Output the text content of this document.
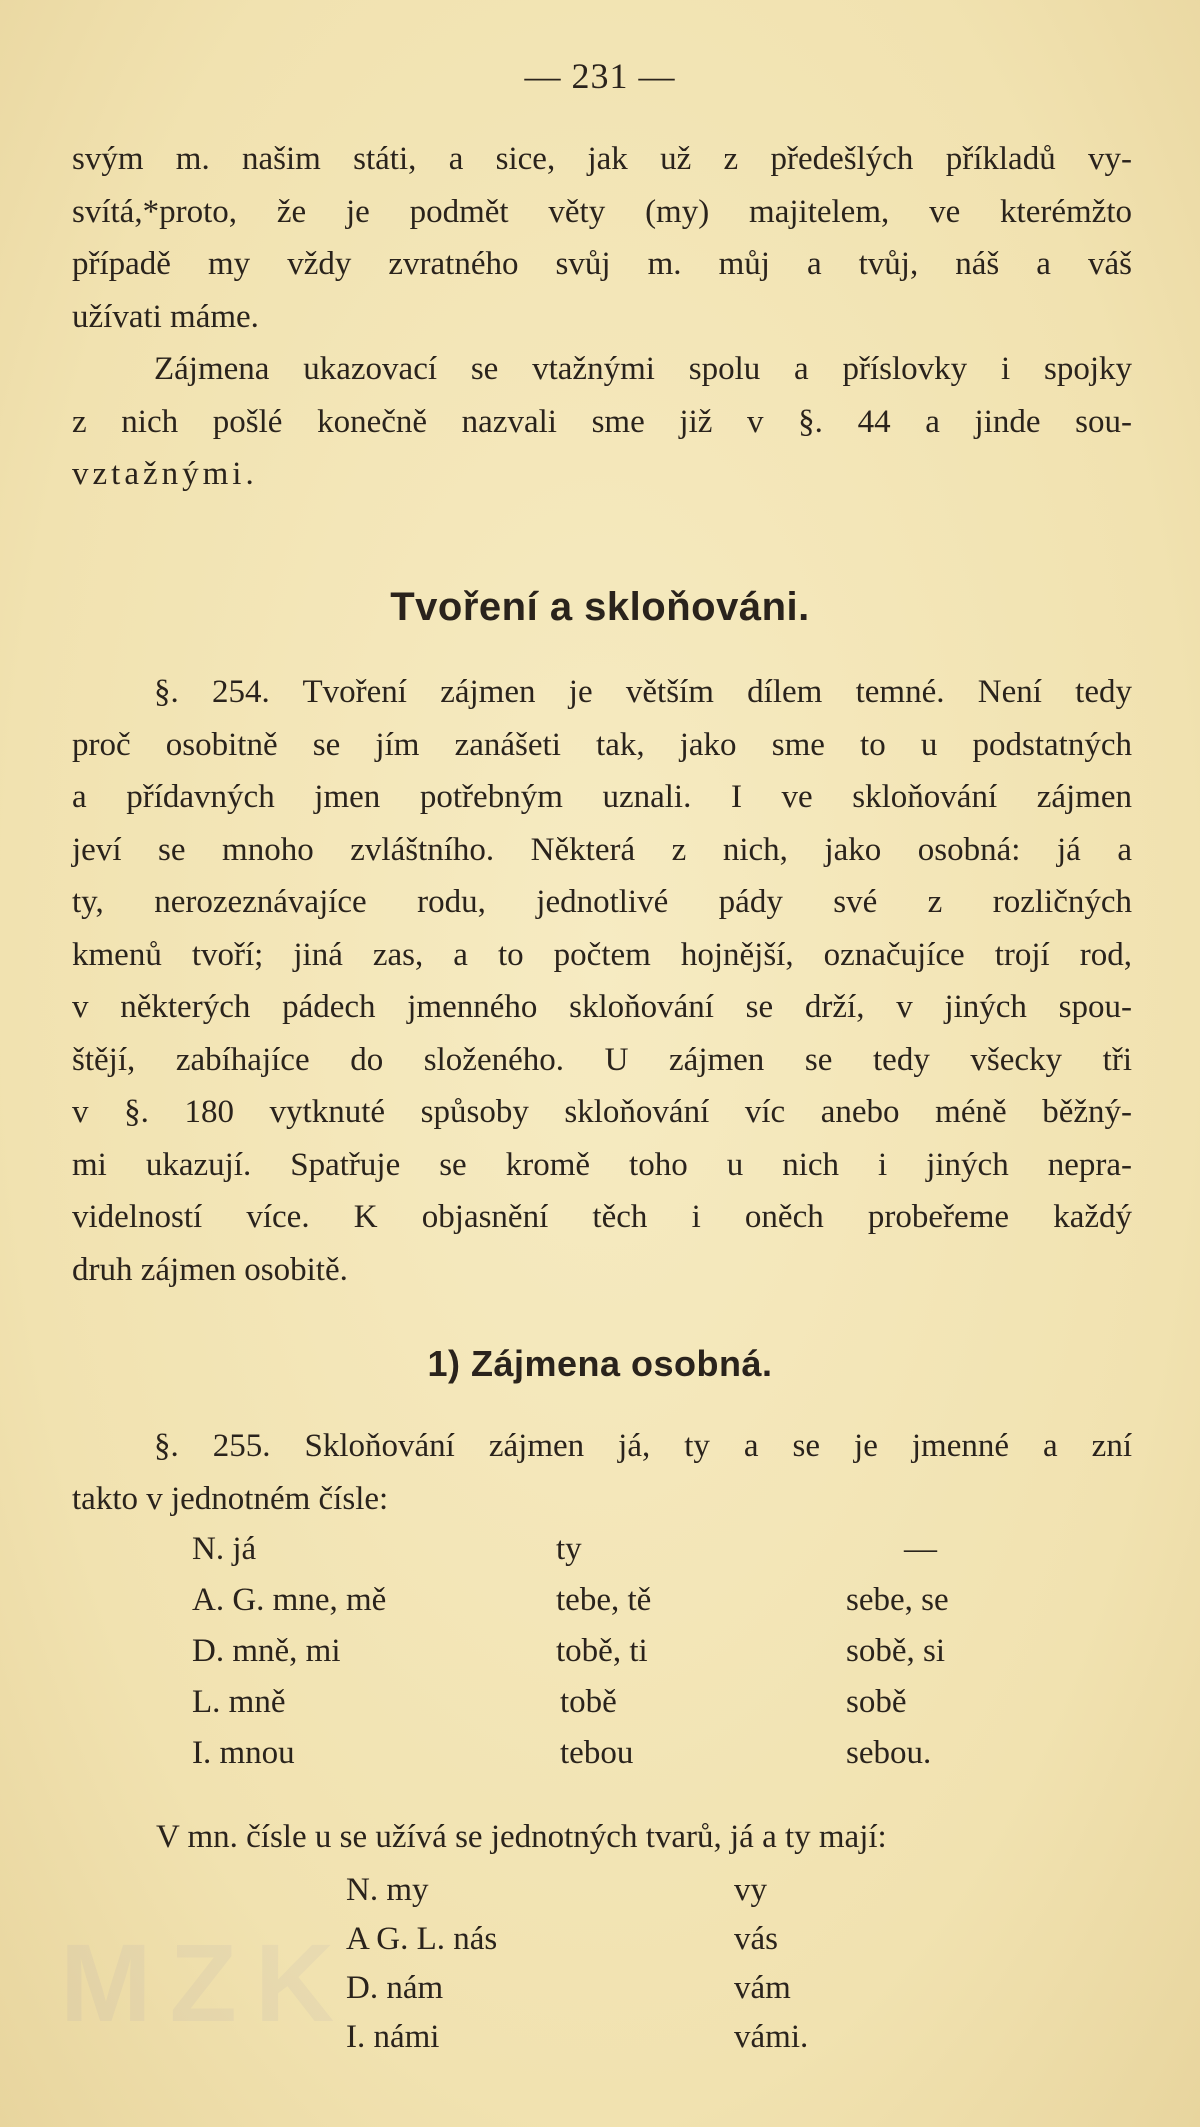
— 231 —

svým m. našim státi, a sice, jak už z předešlých příkladů vy-

svítá,*proto, že je podmět věty (my) majitelem, ve kterémžto

případě my vždy zvratného svůj m. můj a tvůj, náš a váš

užívati máme.

Zájmena ukazovací se vtažnými spolu a příslovky i spojky

z nich pošlé konečně nazvali sme již v §. 44 a jinde sou-

vztažnými.

Tvoření a skloňováni.

§. 254. Tvoření zájmen je větším dílem temné. Není tedy

proč osobitně se jím zanášeti tak, jako sme to u podstatných

a přídavných jmen potřebným uznali. I ve skloňování zájmen

jeví se mnoho zvláštního. Některá z nich, jako osobná: já a

ty, nerozeznávajíce rodu, jednotlivé pády své z rozličných

kmenů tvoří; jiná zas, a to počtem hojnější, označujíce trojí rod,

v některých pádech jmenného skloňování se drží, v jiných spou-

štějí, zabíhajíce do složeného. U zájmen se tedy všecky tři

v §. 180 vytknuté spůsoby skloňování víc anebo méně běžný-

mi ukazují. Spatřuje se kromě toho u nich i jiných nepra-

videlností více. K objasnění těch i oněch probeřeme každý

druh zájmen osobitě.

1) Zájmena osobná.

§. 255. Skloňování zájmen já, ty a se je jmenné a zní

takto v jednotném čísle:

N. já	ty	—
A. G. mne, mě	tebe, tě	sebe, se
D. mně, mi	tobě, ti	sobě, si
L. mně	tobě	sobě
I. mnou	tebou	sebou.

V mn. čísle u se užívá se jednotných tvarů, já a ty mají:

N. my	vy
A G. L. nás	vás
D. nám	vám
I. námi	vámi.
MZK
